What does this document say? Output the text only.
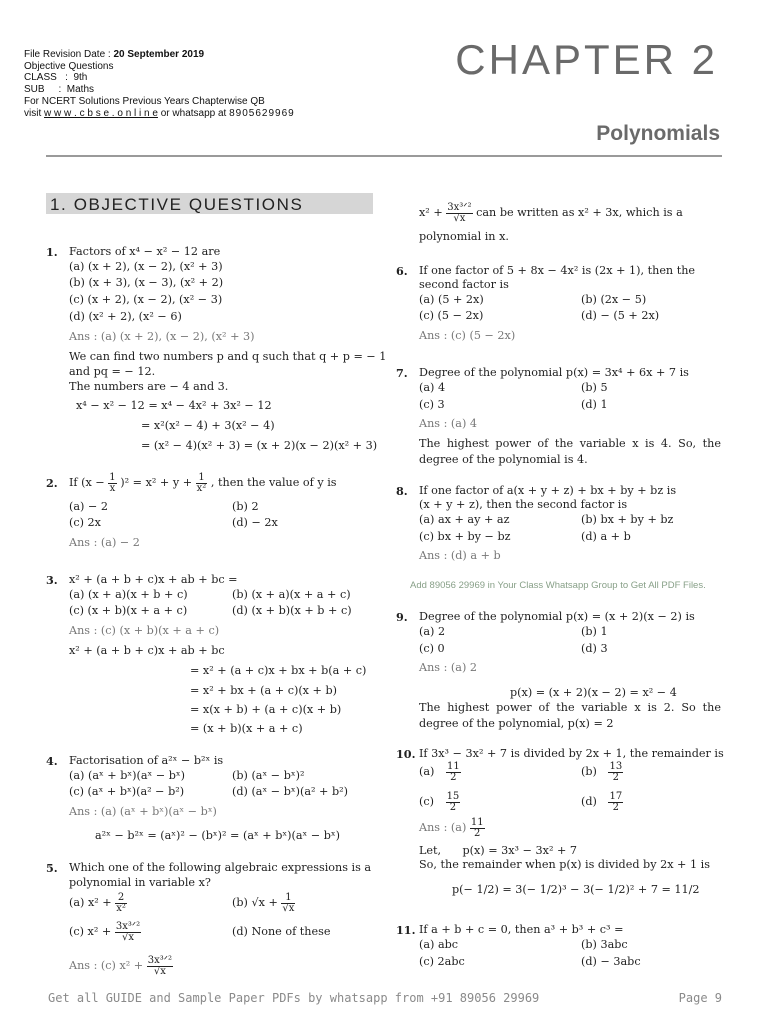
File Revision Date : 20 September 2019
Objective Questions
CLASS   :  9th
SUB     :  Maths
For NCERT Solutions Previous Years Chapterwise QB
visit w w w . c b s e . o n l i n e or whatsapp at 8905629969
CHAPTER 2
Polynomials
1. OBJECTIVE QUESTIONS
1. Factors of x⁴ − x² − 12 are
(a) (x + 2), (x − 2), (x² + 3)
(b) (x + 3), (x − 3), (x² + 2)
(c) (x + 2), (x − 2), (x² − 3)
(d) (x² + 2), (x² − 6)
Ans : (a) (x + 2), (x − 2), (x² + 3)
We can find two numbers p and q such that q + p = − 1
and pq = − 12.
The numbers are − 4 and 3.
x⁴ − x² − 12 = x⁴ − 4x² + 3x² − 12
= x²(x² − 4) + 3(x² − 4)
= (x² − 4)(x² + 3) = (x + 2)(x − 2)(x² + 3)
2. If $(x - \frac{1}{x} )^2 = x^2 + y + \frac{1}{\text{x²}}$ , then the value of y is
(a) − 2	(b) 2
(c) 2x	(d) − 2x
Ans : (a) − 2
3. x² + (a + b + c)x + ab + bc =
(a) (x + a)(x + b + c)	(b) (x + a)(x + a + c)
(c) (x + b)(x + a + c)	(d) (x + b)(x + b + c)
Ans : (c) (x + b)(x + a + c)
x² + (a + b + c)x + ab + bc
= x² + (a + c)x + bx + b(a + c)
= x² + bx + (a + c)(x + b)
= x(x + b) + (a + c)(x + b)
= (x + b)(x + a + c)
4. Factorisation of a²ˣ − b²ˣ is
(a) (aˣ + bˣ)(aˣ − bˣ)	(b) (aˣ − bˣ)²
(c) (aˣ + bˣ)(a² − b²)	(d) (aˣ − bˣ)(a² + b²)
Ans : (a) (aˣ + bˣ)(aˣ − bˣ)
a²ˣ − b²ˣ = (aˣ)² − (bˣ)² = (aˣ + bˣ)(aˣ − bˣ)
5. Which one of the following algebraic expressions is a
polynomial in variable x?
(a) $x^2 + \frac{2}{\text{x²}}$	(b) $√x + \frac{1}{√x}$
(c) $x^2 + \frac{\text{3x³ᐟ²}}{√x}$	(d) None of these
Ans : (c) $x^2 + \frac{\text{3x³ᐟ²}}{√x}$
$x^2 + \frac{\text{3x³ᐟ²}}{√x}$ can be written as x² + 3x, which is a
polynomial in x.
6. If one factor of 5 + 8x − 4x² is (2x + 1), then the
second factor is
(a) (5 + 2x)	(b) (2x − 5)
(c) (5 − 2x)	(d) − (5 + 2x)
Ans : (c) (5 − 2x)
7. Degree of the polynomial p(x) = 3x⁴ + 6x + 7 is
(a) 4	(b) 5
(c) 3	(d) 1
Ans : (a) 4
The highest power of the variable x is 4. So, the degree of the polynomial is 4.
8. If one factor of a(x + y + z) + bx + by + bz is
(x + y + z), then the second factor is
(a) ax + ay + az	(b) bx + by + bz
(c) bx + by − bz	(d) a + b
Ans : (d) a + b
Add 89056 29969 in Your Class Whatsapp Group to Get All PDF Files.
9. Degree of the polynomial p(x) = (x + 2)(x − 2) is
(a) 2	(b) 1
(c) 0	(d) 3
Ans : (a) 2
p(x) = (x + 2)(x − 2) = x² − 4
The highest power of the variable x is 2. So the degree of the polynomial, p(x) = 2
10. If 3x³ − 3x² + 7 is divided by 2x + 1, the remainder is
$(a) \frac{11}{2}$	$(b) \frac{13}{2}$
$(c) \frac{15}{2}$	$(d) \frac{17}{2}$
Ans : $(a) \frac{11}{2}$
Let,      p(x) = 3x³ − 3x² + 7
So, the remainder when p(x) is divided by 2x + 1 is
p(− 1/2) = 3(− 1/2)³ − 3(− 1/2)² + 7 = 11/2
11. If a + b + c = 0, then a³ + b³ + c³ =
(a) abc	(b) 3abc
(c) 2abc	(d) − 3abc
Get all GUIDE and Sample Paper PDFs by whatsapp from +91 89056 29969	Page 9
